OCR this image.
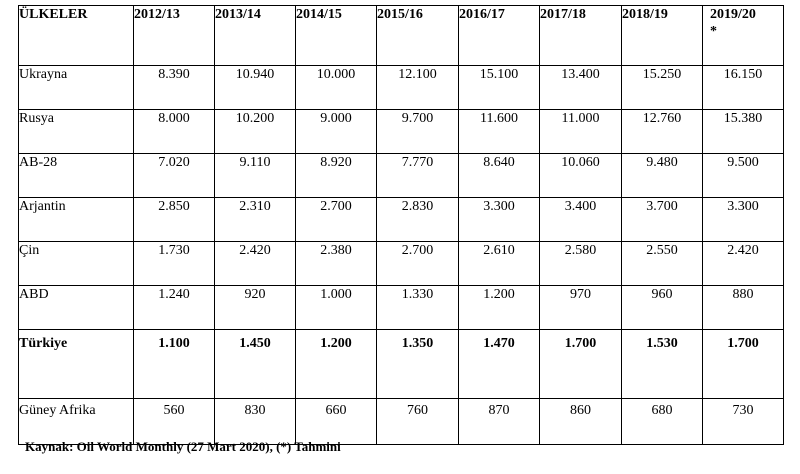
ÜLKELER	2012/13	2013/14	2014/15	2015/16	2016/17	2017/18	2018/19	2019/20
*
Ukrayna	8.390	10.940	10.000	12.100	15.100	13.400	15.250	16.150
Rusya	8.000	10.200	9.000	9.700	11.600	11.000	12.760	15.380
AB-28	7.020	9.110	8.920	7.770	8.640	10.060	9.480	9.500
Arjantin	2.850	2.310	2.700	2.830	3.300	3.400	3.700	3.300
Çin	1.730	2.420	2.380	2.700	2.610	2.580	2.550	2.420
ABD	1.240	920	1.000	1.330	1.200	970	960	880
Türkiye	1.100	1.450	1.200	1.350	1.470	1.700	1.530	1.700
Güney Afrika	560	830	660	760	870	860	680	730
Kaynak: Oil World Monthly (27 Mart 2020), (*) Tahmini
